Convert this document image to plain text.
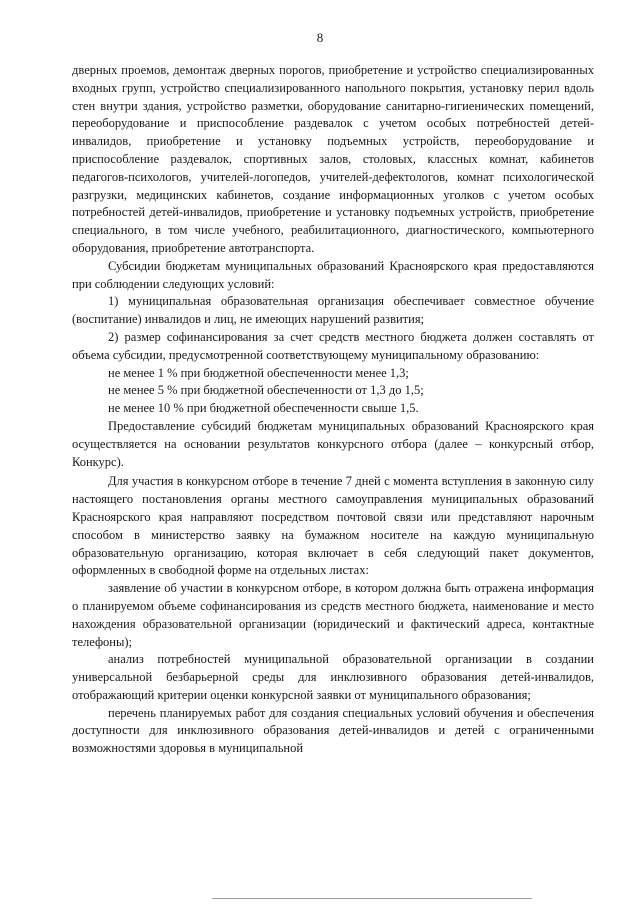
8

дверных проемов, демонтаж дверных порогов, приобретение и устройство специализированных входных групп, устройство специализированного напольного покрытия, установку перил вдоль стен внутри здания, устройство разметки, оборудование санитарно-гигиенических помещений, переоборудование и приспособление раздевалок с учетом особых потребностей детей-инвалидов, приобретение и установку подъемных устройств, переоборудование и приспособление раздевалок, спортивных залов, столовых, классных комнат, кабинетов педагогов-психологов, учителей-логопедов, учителей-дефектологов, комнат психологической разгрузки, медицинских кабинетов, создание информационных уголков с учетом особых потребностей детей-инвалидов, приобретение и установку подъемных устройств, приобретение специального, в том числе учебного, реабилитационного, диагностического, компьютерного оборудования, приобретение автотранспорта.

Субсидии бюджетам муниципальных образований Красноярского края предоставляются при соблюдении следующих условий:

1) муниципальная образовательная организация обеспечивает совместное обучение (воспитание) инвалидов и лиц, не имеющих нарушений развития;

2) размер софинансирования за счет средств местного бюджета должен составлять от объема субсидии, предусмотренной соответствующему муниципальному образованию:

не менее 1 % при бюджетной обеспеченности менее 1,3;

не менее 5 % при бюджетной обеспеченности от 1,3 до 1,5;

не менее 10 % при бюджетной обеспеченности свыше 1,5.

Предоставление субсидий бюджетам муниципальных образований Красноярского края осуществляется на основании результатов конкурсного отбора (далее – конкурсный отбор, Конкурс).

Для участия в конкурсном отборе в течение 7 дней с момента вступления в законную силу настоящего постановления органы местного самоуправления муниципальных образований Красноярского края направляют посредством почтовой связи или представляют нарочным способом в министерство заявку на бумажном носителе на каждую муниципальную образовательную организацию, которая включает в себя следующий пакет документов, оформленных в свободной форме на отдельных листах:

заявление об участии в конкурсном отборе, в котором должна быть отражена информация о планируемом объеме софинансирования из средств местного бюджета, наименование и место нахождения образовательной организации (юридический и фактический адреса, контактные телефоны);

анализ потребностей муниципальной образовательной организации в создании универсальной безбарьерной среды для инклюзивного образования детей-инвалидов, отображающий критерии оценки конкурсной заявки от муниципального образования;

перечень планируемых работ для создания специальных условий обучения и обеспечения доступности для инклюзивного образования детей-инвалидов и детей с ограниченными возможностями здоровья в муниципальной
